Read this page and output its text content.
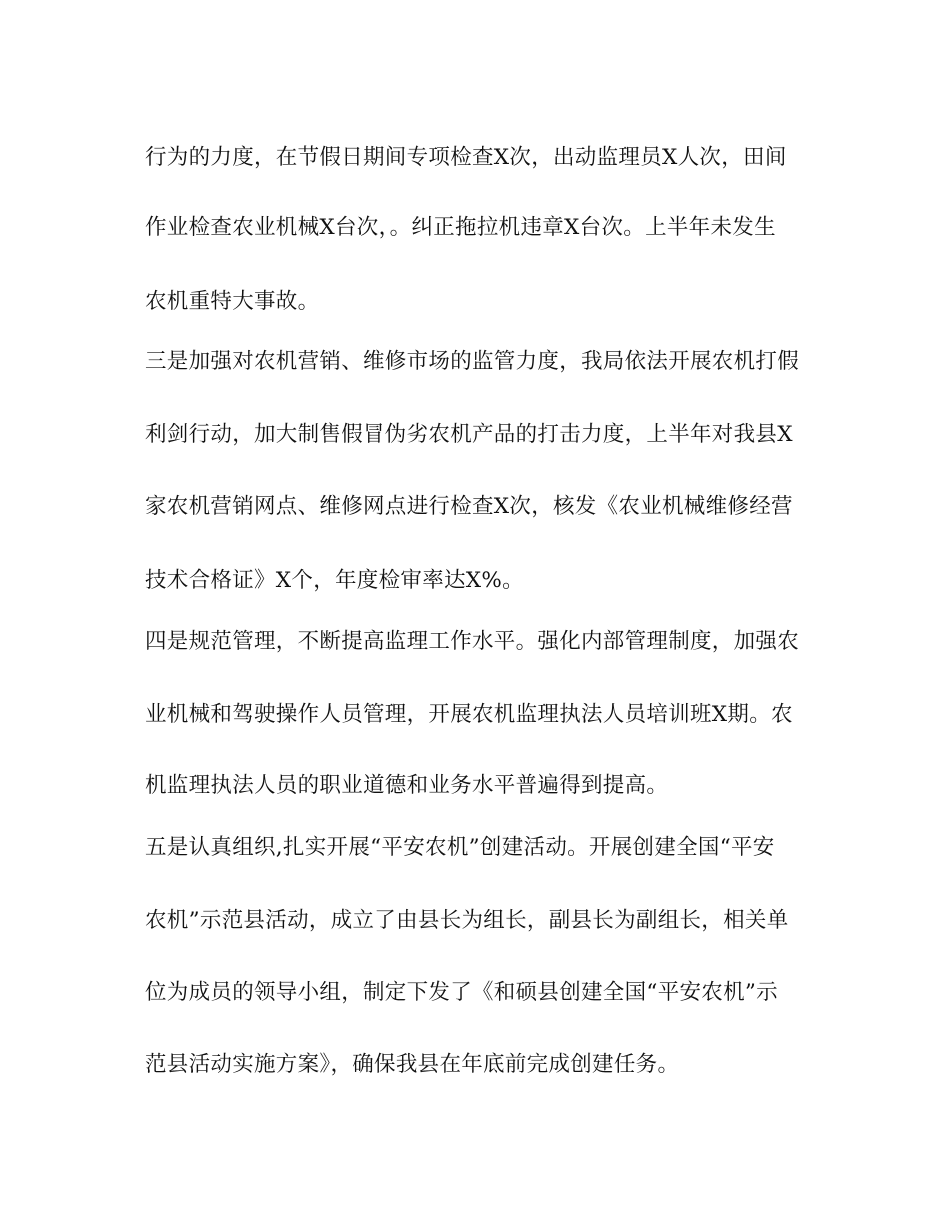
行为的力度，在节假日期间专项检查X次，出动监理员X人次，田间
作业检查农业机械X台次，。纠正拖拉机违章X台次。上半年未发生
农机重特大事故。
三是加强对农机营销、维修市场的监管力度，我局依法开展农机打假
利剑行动，加大制售假冒伪劣农机产品的打击力度，上半年对我县X
家农机营销网点、维修网点进行检查X次，核发《农业机械维修经营
技术合格证》X个，年度检审率达X%。
四是规范管理，不断提高监理工作水平。强化内部管理制度，加强农
业机械和驾驶操作人员管理，开展农机监理执法人员培训班X期。农
机监理执法人员的职业道德和业务水平普遍得到提高。
五是认真组织,扎实开展“平安农机”创建活动。开展创建全国“平安
农机”示范县活动，成立了由县长为组长，副县长为副组长，相关单
位为成员的领导小组，制定下发了《和硕县创建全国“平安农机”示
范县活动实施方案》，确保我县在年底前完成创建任务。
